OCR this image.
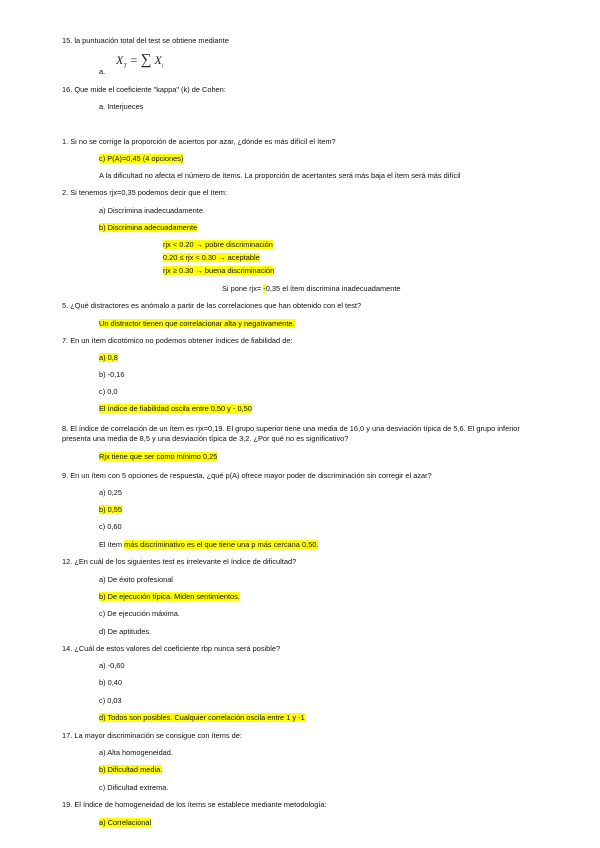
15. la puntuación total del test se obtiene mediante
$X_T$ = ∑ $X_i$
a.
16. Que mide el coeficiente "kappa" (k) de Cohen:
a. Interjueces
1. Si no se corrige la proporción de aciertos por azar, ¿dónde es más difícil el ítem?
c) P(A)=0,45 (4 opciones)
A la dificultad no afecta el número de ítems. La proporción de acertantes será más baja el ítem será más difícil
2. Si tenemos rjx=0,35 podemos decir que el ítem:
a) Discrimina inadecuadamente.
b) Discrimina adecuadamente
rjx < 0.20 → pobre discriminación
0.20 ≤ rjx < 0.30 → aceptable
rjx ≥ 0.30 → buena discriminación
Si pone rjx= -0,35 el ítem discrimina inadecuadamente
5. ¿Qué distractores es anómalo a partir de las correlaciones que han obtenido con el test?
Un distractor tienen que correlacionar alta y negativamente.
7. En un ítem dicotómico no podemos obtener índices de fiabilidad de:
a) 0,8
b) -0,16
c) 0,0
El índice de fiabilidad oscila entre 0,50 y - 0,50
8. El índice de correlación de un ítem es rjx=0,19. El grupo superior tiene una media de 16,0 y una desviación típica de 5,6. El grupo inferior presenta una media de 8,5 y una desviación típica de 3,2. ¿Por qué no es significativo?
Rjx tiene que ser como mínimo 0,25
9. En un ítem con 5 opciones de respuesta, ¿qué p(A) ofrece mayor poder de discriminación sin corregir el azar?
a) 0,25
b) 0,55
c) 0,60
El ítem más discriminativo es el que tiene una p más cercana 0,50.
12. ¿En cuál de los siguientes test es irrelevante el índice de dificultad?
a) De éxito profesional
b) De ejecución típica. Miden sentimientos.
c) De ejecución máxima.
d) De aptitudes.
14. ¿Cuál de estos valores del coeficiente rbp nunca será posible?
a) -0,60
b) 0,40
c) 0,03
d) Todos son posibles. Cualquier correlación oscila entre 1 y -1
17. La mayor discriminación se consigue con ítems de:
a) Alta homogeneidad.
b) Dificultad media.
c) Dificultad extrema.
19. El índice de homogeneidad de los ítems se establece mediante metodología:
a) Correlacional
